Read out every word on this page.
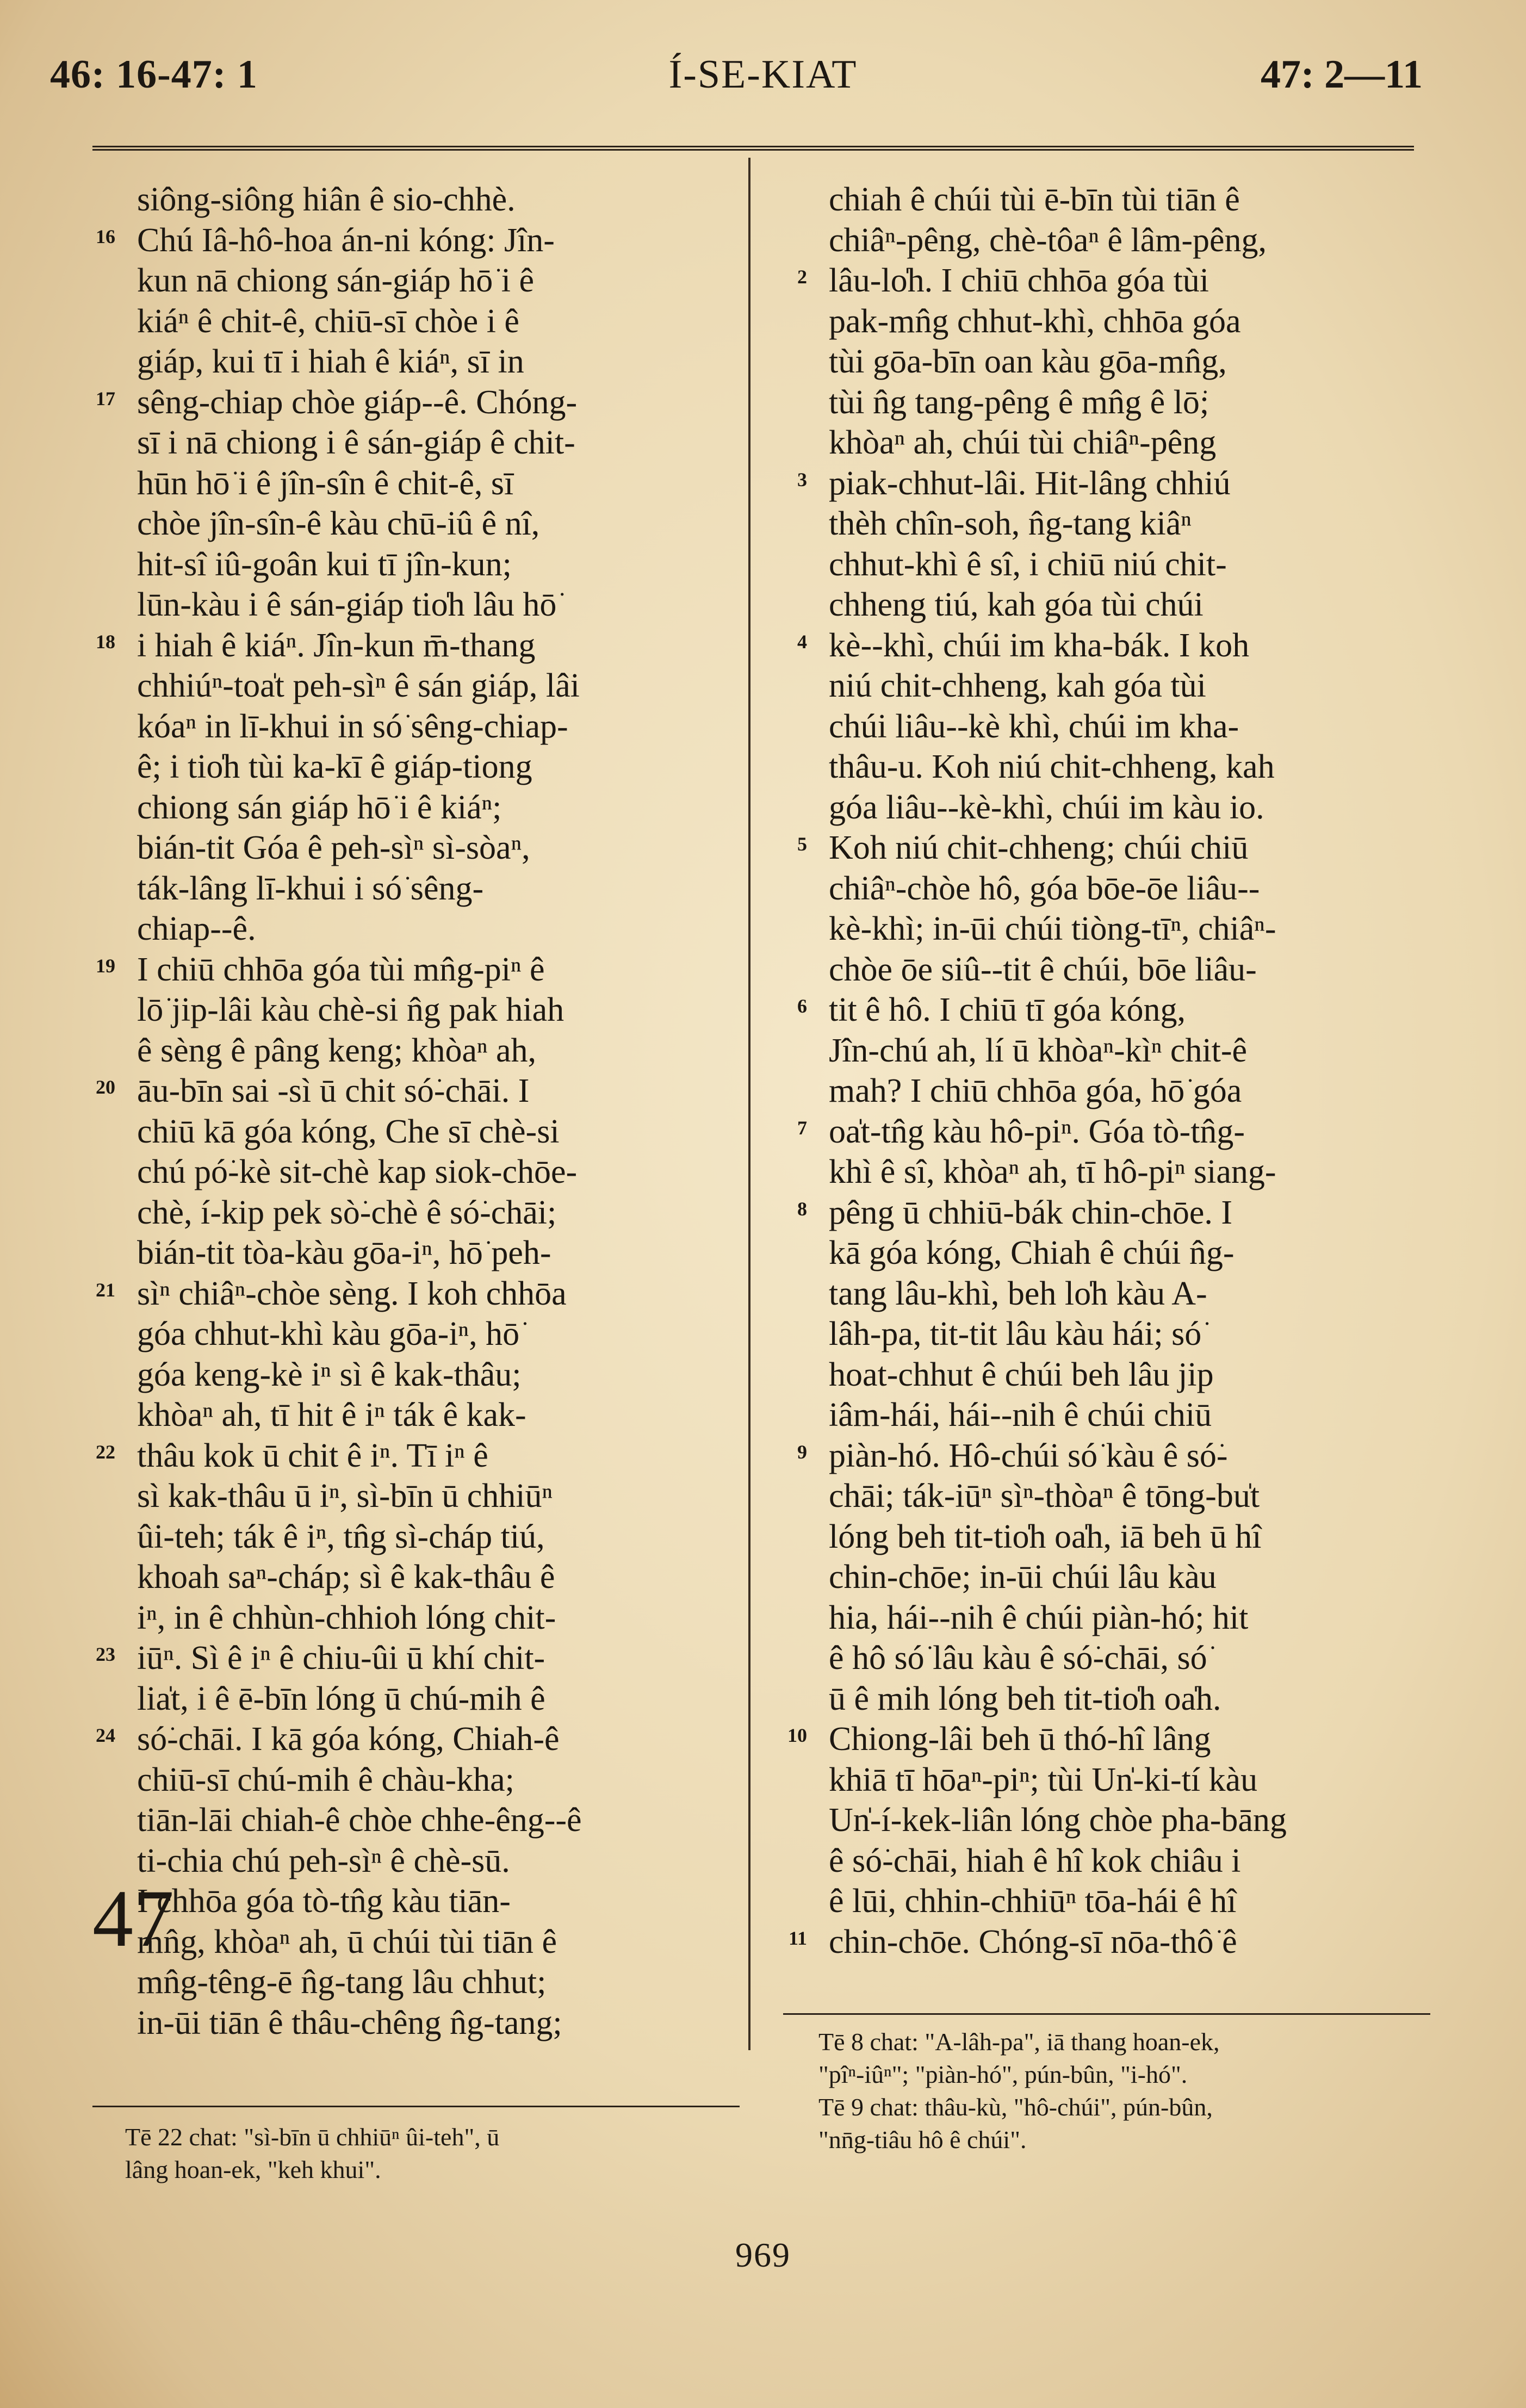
46: 16-47: 1	Í-SE-KIAT	47: 2—11
siông-siông hiân ê sio-chhè.
16 Chú Iâ-hô-hoa án-ni kóng: Jîn-
kun nā chiong sán-giáp hō͘ i ê
kiáⁿ ê chit-ê, chiū-sī chòe i ê
giáp, kui tī i hiah ê kiáⁿ, sī in
17 sêng-chiap chòe giáp--ê. Chóng-
sī i nā chiong i ê sán-giáp ê chit-
hūn hō͘ i ê jîn-sîn ê chit-ê, sī
chòe jîn-sîn-ê kàu chū-iû ê nî,
hit-sî iû-goân kui tī jîn-kun;
lūn-kàu i ê sán-giáp tio̍h lâu hō͘
18 i hiah ê kiáⁿ. Jîn-kun m̄-thang
chhiúⁿ-toa̍t peh-sìⁿ ê sán giáp, lâi
kóaⁿ in lī-khui in só͘ sêng-chiap-
ê; i tio̍h tùi ka-kī ê giáp-tiong
chiong sán giáp hō͘ i ê kiáⁿ;
bián-tit Góa ê peh-sìⁿ sì-sòaⁿ,
ták-lâng lī-khui i só͘ sêng-
chiap--ê.
19 I chiū chhōa góa tùi mn̂g-piⁿ ê
lō͘ jip-lâi kàu chè-si n̂g pak hiah
ê sèng ê pâng keng; khòaⁿ ah,
20 āu-bīn sai -sì ū chit só͘-chāi. I
chiū kā góa kóng, Che sī chè-si
chú pó͘-kè sit-chè kap siok-chōe-
chè, í-kip pek sò͘-chè ê só͘-chāi;
bián-tit tòa-kàu gōa-iⁿ, hō͘ peh-
21 sìⁿ chiâⁿ-chòe sèng. I koh chhōa
góa chhut-khì kàu gōa-iⁿ, hō͘
góa keng-kè iⁿ sì ê kak-thâu;
khòaⁿ ah, tī hit ê iⁿ ták ê kak-
22 thâu kok ū chit ê iⁿ. Tī iⁿ ê
sì kak-thâu ū iⁿ, sì-bīn ū chhiūⁿ
ûi-teh; ták ê iⁿ, tn̂g sì-cháp tiú,
khoah saⁿ-cháp; sì ê kak-thâu ê
iⁿ, in ê chhùn-chhioh lóng chit-
23 iūⁿ. Sì ê iⁿ ê chiu-ûi ū khí chit-
lia̍t, i ê ē-bīn lóng ū chú-mih ê
24 só͘-chāi. I kā góa kóng, Chiah-ê
chiū-sī chú-mih ê chàu-kha;
tiān-lāi chiah-ê chòe chhe-êng--ê
ti-chia chú peh-sìⁿ ê chè-sū.
47
I chhōa góa tò-tn̂g kàu tiān-
mn̂g, khòaⁿ ah, ū chúi tùi tiān ê
mn̂g-têng-ē n̂g-tang lâu chhut;
in-ūi tiān ê thâu-chêng n̂g-tang;
chiah ê chúi tùi ē-bīn tùi tiān ê
chiâⁿ-pêng, chè-tôaⁿ ê lâm-pêng,
2 lâu-lo̍h. I chiū chhōa góa tùi
pak-mn̂g chhut-khì, chhōa góa
tùi gōa-bīn oan kàu gōa-mn̂g,
tùi n̂g tang-pêng ê mn̂g ê lō͘;
khòaⁿ ah, chúi tùi chiâⁿ-pêng
3 piak-chhut-lâi. Hit-lâng chhiú
thèh chîn-soh, n̂g-tang kiâⁿ
chhut-khì ê sî, i chiū niú chit-
chheng tiú, kah góa tùi chúi
4 kè--khì, chúi im kha-bák. I koh
niú chit-chheng, kah góa tùi
chúi liâu--kè khì, chúi im kha-
thâu-u. Koh niú chit-chheng, kah
góa liâu--kè-khì, chúi im kàu io.
5 Koh niú chit-chheng; chúi chiū
chiâⁿ-chòe hô, góa bōe-ōe liâu--
kè-khì; in-ūi chúi tiòng-tīⁿ, chiâⁿ-
chòe ōe siû--tit ê chúi, bōe liâu-
6 tit ê hô. I chiū tī góa kóng,
Jîn-chú ah, lí ū khòaⁿ-kìⁿ chit-ê
mah? I chiū chhōa góa, hō͘ góa
7 oa̍t-tn̂g kàu hô-piⁿ. Góa tò-tn̂g-
khì ê sî, khòaⁿ ah, tī hô-piⁿ siang-
8 pêng ū chhiū-bák chin-chōe. I
kā góa kóng, Chiah ê chúi n̂g-
tang lâu-khì, beh lo̍h kàu A-
lâh-pa, tit-tit lâu kàu hái; só͘
hoat-chhut ê chúi beh lâu jip
iâm-hái, hái--nih ê chúi chiū
9 piàn-hó. Hô-chúi só͘ kàu ê só͘-
chāi; ták-iūⁿ sìⁿ-thòaⁿ ê tōng-bu̍t
lóng beh tit-tio̍h oa̍h, iā beh ū hî
chin-chōe; in-ūi chúi lâu kàu
hia, hái--nih ê chúi piàn-hó; hit
ê hô só͘ lâu kàu ê só͘-chāi, só͘
ū ê mih lóng beh tit-tio̍h oa̍h.
10 Chiong-lâi beh ū thó-hî lâng
khiā tī hōaⁿ-piⁿ; tùi Un̍-ki-tí kàu
Un̍-í-kek-liân lóng chòe pha-bāng
ê só͘-chāi, hiah ê hî kok chiâu i
ê lūi, chhin-chhiūⁿ tōa-hái ê hî
11 chin-chōe. Chóng-sī nōa-thô͘ ê
Tē 22 chat: "sì-bīn ū chhiūⁿ ûi-teh", ū
lâng hoan-ek, "keh khui".
Tē 8 chat: "A-lâh-pa", iā thang hoan-ek,
"pîⁿ-iûⁿ"; "piàn-hó", pún-bûn, "i-hó".
Tē 9 chat: thâu-kù, "hô-chúi", pún-bûn,
"nn̄g-tiâu hô ê chúi".
969
